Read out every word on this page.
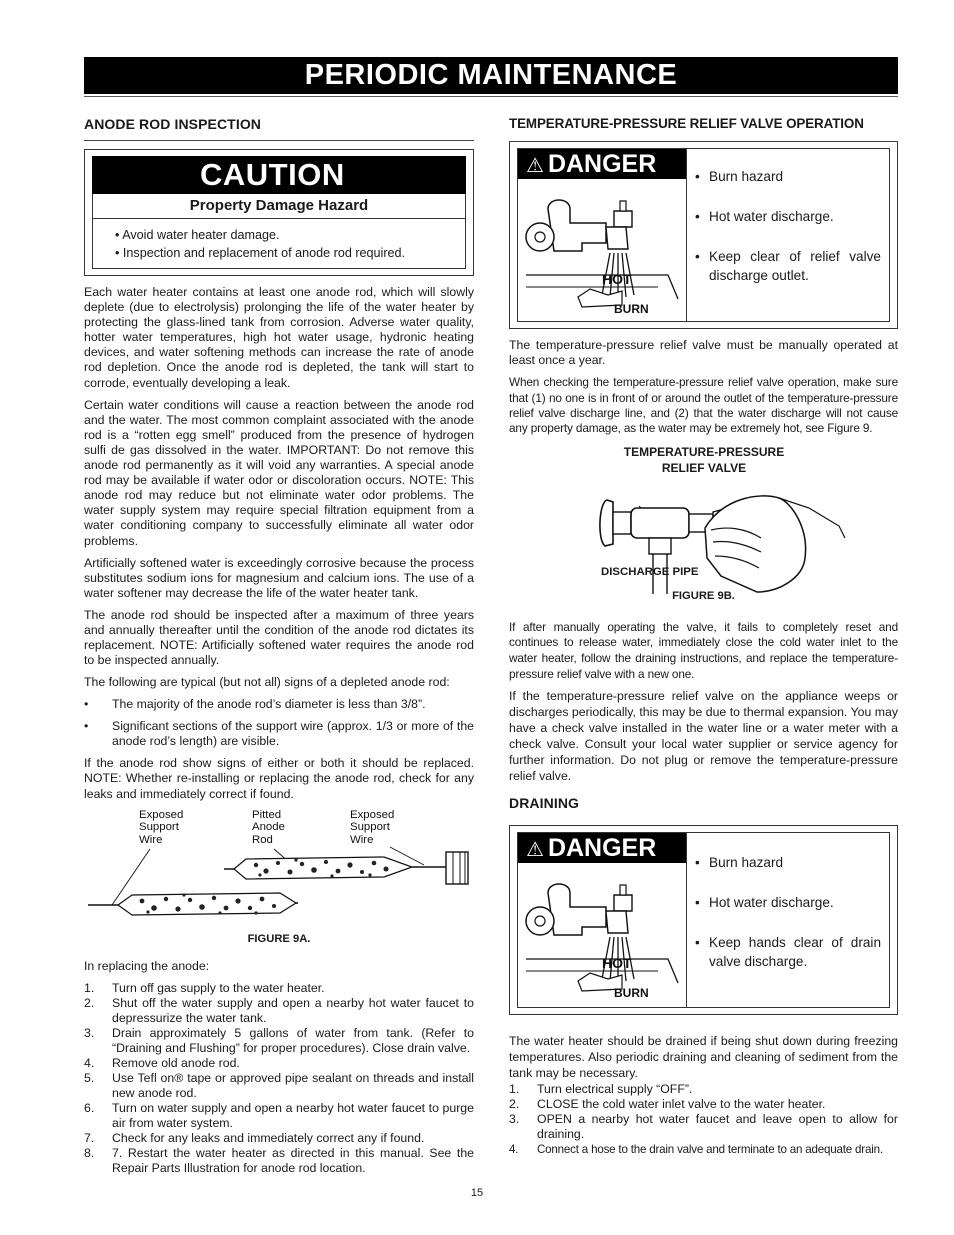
PERIODIC MAINTENANCE
ANODE ROD INSPECTION
CAUTION
Property Damage Hazard
• Avoid water heater damage.
• Inspection and replacement of anode rod required.

Each water heater contains at least one anode rod, which will slowly deplete (due to electrolysis) prolonging the life of the water heater by protecting the glass-lined tank from corrosion. Adverse water quality, hotter water temperatures, high hot water usage, hydronic heating devices, and water softening methods can increase the rate of anode rod depletion. Once the anode rod is depleted, the tank will start to corrode, eventually developing a leak.

Certain water conditions will cause a reaction between the anode rod and the water. The most common complaint associated with the anode rod is a “rotten egg smell” produced from the presence of hydrogen sulfi de gas dissolved in the water. IMPORTANT: Do not remove this anode rod permanently as it will void any warranties. A special anode rod may be available if water odor or discoloration occurs. NOTE: This anode rod may reduce but not eliminate water odor problems. The water supply system may require special filtration equipment from a water conditioning company to successfully eliminate all water odor problems.

Artificially softened water is exceedingly corrosive because the process substitutes sodium ions for magnesium and calcium ions. The use of a water softener may decrease the life of the water heater tank.

The anode rod should be inspected after a maximum of three years and annually thereafter until the condition of the anode rod dictates its replacement. NOTE: Artificially softened water requires the anode rod to be inspected annually.

The following are typical (but not all) signs of a depleted anode rod:

• The majority of the anode rod’s diameter is less than 3/8”.
• Significant sections of the support wire (approx. 1/3 or more of the anode rod’s length) are visible.

If the anode rod show signs of either or both it should be replaced. NOTE: Whether re-installing or replacing the anode rod, check for any leaks and immediately correct if found.

Exposed
Support
Wire
Pitted
Anode
Rod
Exposed
Support
Wire
FIGURE 9A.

In replacing the anode:

1. Turn off gas supply to the water heater.
2. Shut off the water supply and open a nearby hot water faucet to depressurize the water tank.
3. Drain approximately 5 gallons of water from tank. (Refer to “Draining and Flushing” for proper procedures). Close drain valve.
4. Remove old anode rod.
5. Use Tefl on® tape or approved pipe sealant on threads and install new anode rod.
6. Turn on water supply and open a nearby hot water faucet to purge air from water system.
7. Check for any leaks and immediately correct any if found.
8. 7. Restart the water heater as directed in this manual. See the Repair Parts Illustration for anode rod location.
TEMPERATURE-PRESSURE RELIEF VALVE OPERATION
⚠ DANGER
HOT
BURN
• Burn hazard
• Hot water discharge.
• Keep clear of relief valve discharge outlet.

The temperature-pressure relief valve must be manually operated at least once a year.

When checking the temperature-pressure relief valve operation, make sure that (1) no one is in front of or around the outlet of the temperature-pressure relief valve discharge line, and (2) that the water discharge will not cause any property damage, as the water may be extremely hot, see Figure 9.

TEMPERATURE-PRESSURE
RELIEF VALVE
DISCHARGE PIPE
FIGURE 9B.

If after manually operating the valve, it fails to completely reset and continues to release water, immediately close the cold water inlet to the water heater, follow the draining instructions, and replace the temperature-pressure relief valve with a new one.

If the temperature-pressure relief valve on the appliance weeps or discharges periodically, this may be due to thermal expansion. You may have a check valve installed in the water line or a water meter with a check valve. Consult your local water supplier or service agency for further information. Do not plug or remove the temperature-pressure relief valve.

DRAINING
⚠ DANGER
HOT
BURN
• Burn hazard
• Hot water discharge.
• Keep hands clear of drain valve discharge.

The water heater should be drained if being shut down during freezing temperatures. Also periodic draining and cleaning of sediment from the tank may be necessary.

1. Turn electrical supply “OFF”.
2. CLOSE the cold water inlet valve to the water heater.
3. OPEN a nearby hot water faucet and leave open to allow for draining.
4. Connect a hose to the drain valve and terminate to an adequate drain.
15
